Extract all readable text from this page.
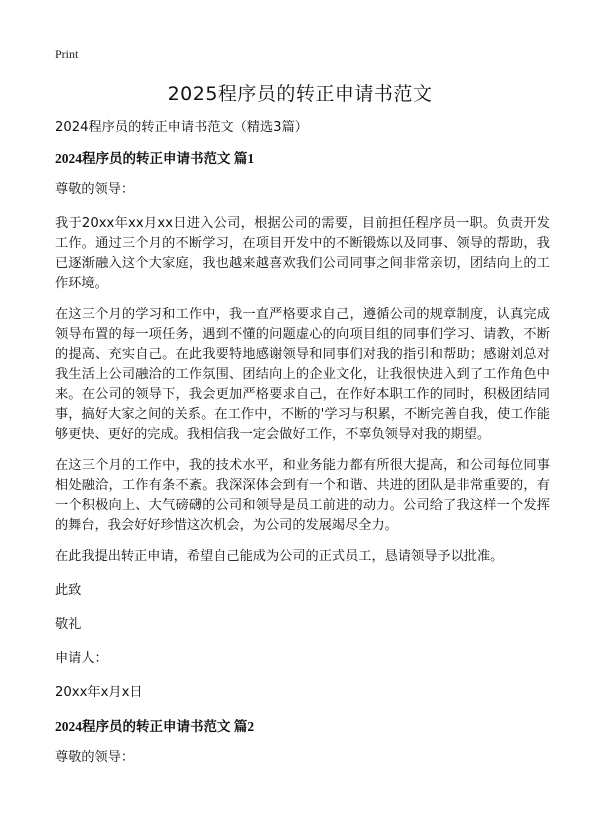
Print
2025程序员的转正申请书范文

2024程序员的转正申请书范文（精选3篇）

2024程序员的转正申请书范文 篇1

尊敬的领导：

我于20xx年xx月xx日进入公司，根据公司的需要，目前担任程序员一职。负责开发工作。通过三个月的不断学习，在项目开发中的不断锻炼以及同事、领导的帮助，我已逐渐融入这个大家庭，我也越来越喜欢我们公司同事之间非常亲切，团结向上的工作环境。

在这三个月的学习和工作中，我一直严格要求自己，遵循公司的规章制度，认真完成领导布置的每一项任务，遇到不懂的问题虚心的向项目组的同事们学习、请教，不断的提高、充实自己。在此我要特地感谢领导和同事们对我的指引和帮助；感谢刘总对我生活上公司融洽的工作氛围、团结向上的企业文化，让我很快进入到了工作角色中来。在公司的领导下，我会更加严格要求自己，在作好本职工作的同时，积极团结同事，搞好大家之间的关系。在工作中，不断的'学习与积累，不断完善自我，使工作能够更快、更好的完成。我相信我一定会做好工作，不辜负领导对我的期望。

在这三个月的工作中，我的技术水平，和业务能力都有所很大提高，和公司每位同事相处融洽，工作有条不紊。我深深体会到有一个和谐、共进的团队是非常重要的，有一个积极向上、大气磅礴的公司和领导是员工前进的动力。公司给了我这样一个发挥的舞台，我会好好珍惜这次机会，为公司的发展竭尽全力。

在此我提出转正申请，希望自己能成为公司的正式员工，恳请领导予以批准。

此致

敬礼

申请人：

20xx年x月x日

2024程序员的转正申请书范文 篇2

尊敬的领导：
